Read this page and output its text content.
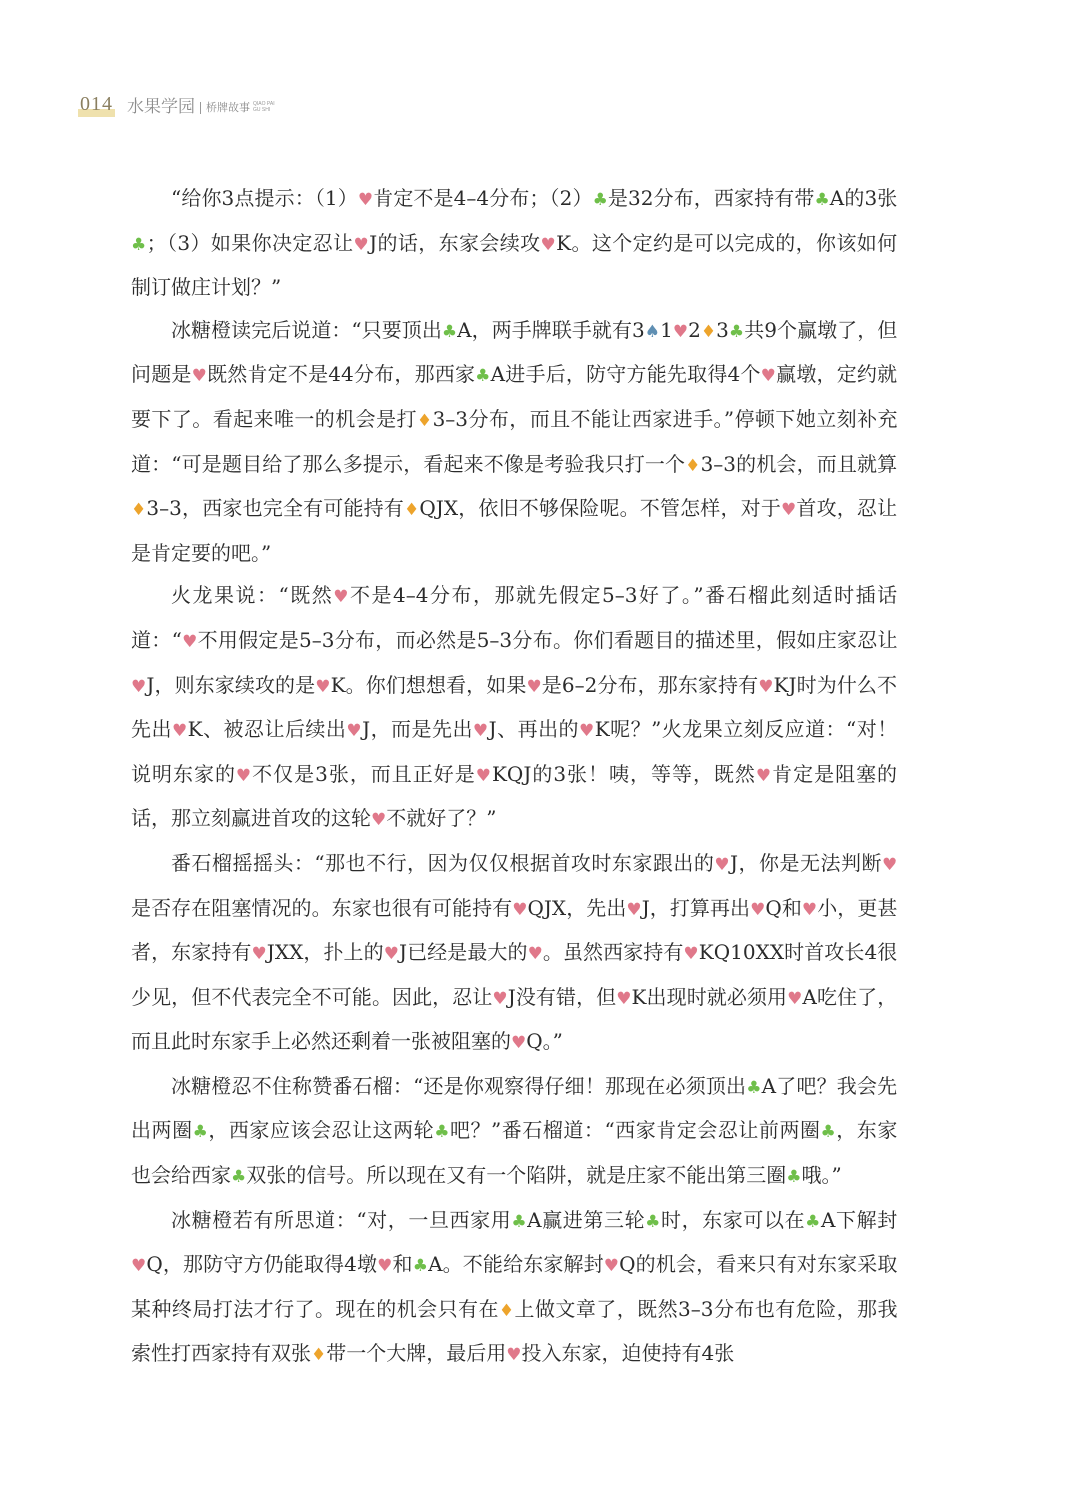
014 水果学园 桥牌故事 QIAO PAI GU SHI

“给你3点提示：（1）♥肯定不是4–4分布；（2）♣是32分布，西家持有带♣A的3张♣；（3）如果你决定忍让♥J的话，东家会续攻♥K。这个定约是可以完成的，你该如何制订做庄计划？”

冰糖橙读完后说道：“只要顶出♣A，两手牌联手就有3♠1♥2♦3♣共9个赢墩了，但问题是♥既然肯定不是44分布，那西家♣A进手后，防守方能先取得4个♥赢墩，定约就要下了。看起来唯一的机会是打♦3–3分布，而且不能让西家进手。”停顿下她立刻补充道：“可是题目给了那么多提示，看起来不像是考验我只打一个♦3–3的机会，而且就算♦3–3，西家也完全有可能持有♦QJX，依旧不够保险呢。不管怎样，对于♥首攻，忍让是肯定要的吧。”

火龙果说：“既然♥不是4–4分布，那就先假定5–3好了。”番石榴此刻适时插话道：“♥不用假定是5–3分布，而必然是5–3分布。你们看题目的描述里，假如庄家忍让♥J，则东家续攻的是♥K。你们想想看，如果♥是6–2分布，那东家持有♥KJ时为什么不先出♥K、被忍让后续出♥J，而是先出♥J、再出的♥K呢？”火龙果立刻反应道：“对！说明东家的♥不仅是3张，而且正好是♥KQJ的3张！咦，等等，既然♥肯定是阻塞的话，那立刻赢进首攻的这轮♥不就好了？”

番石榴摇摇头：“那也不行，因为仅仅根据首攻时东家跟出的♥J，你是无法判断♥是否存在阻塞情况的。东家也很有可能持有♥QJX，先出♥J，打算再出♥Q和♥小，更甚者，东家持有♥JXX，扑上的♥J已经是最大的♥。虽然西家持有♥KQ10XX时首攻长4很少见，但不代表完全不可能。因此，忍让♥J没有错，但♥K出现时就必须用♥A吃住了，而且此时东家手上必然还剩着一张被阻塞的♥Q。”

冰糖橙忍不住称赞番石榴：“还是你观察得仔细！那现在必须顶出♣A了吧？我会先出两圈♣，西家应该会忍让这两轮♣吧？”番石榴道：“西家肯定会忍让前两圈♣，东家也会给西家♣双张的信号。所以现在又有一个陷阱，就是庄家不能出第三圈♣哦。”

冰糖橙若有所思道：“对，一旦西家用♣A赢进第三轮♣时，东家可以在♣A下解封♥Q，那防守方仍能取得4墩♥和♣A。不能给东家解封♥Q的机会，看来只有对东家采取某种终局打法才行了。现在的机会只有在♦上做文章了，既然3–3分布也有危险，那我索性打西家持有双张♦带一个大牌，最后用♥投入东家，迫使持有4张
